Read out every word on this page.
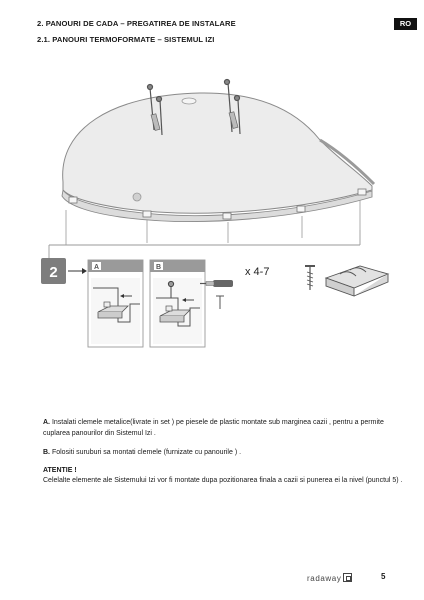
2. PANOURI DE CADA – PREGATIREA DE INSTALARE
2.1. PANOURI TERMOFORMATE – SISTEMUL IZI
RO
2	A	B	x 4-7
A. Instalati clemele metalice(livrate in set ) pe piesele de plastic montate sub marginea cazii , pentru a permite cuplarea panourilor din Sistemul Izi .
B. Folositi suruburi sa montati clemele (furnizate cu panourile ) .
ATENTIE !
Celelalte elemente ale Sistemului Izi vor fi montate dupa pozitionarea finala a cazii si punerea ei la nivel (punctul 5) .
radaway	5
